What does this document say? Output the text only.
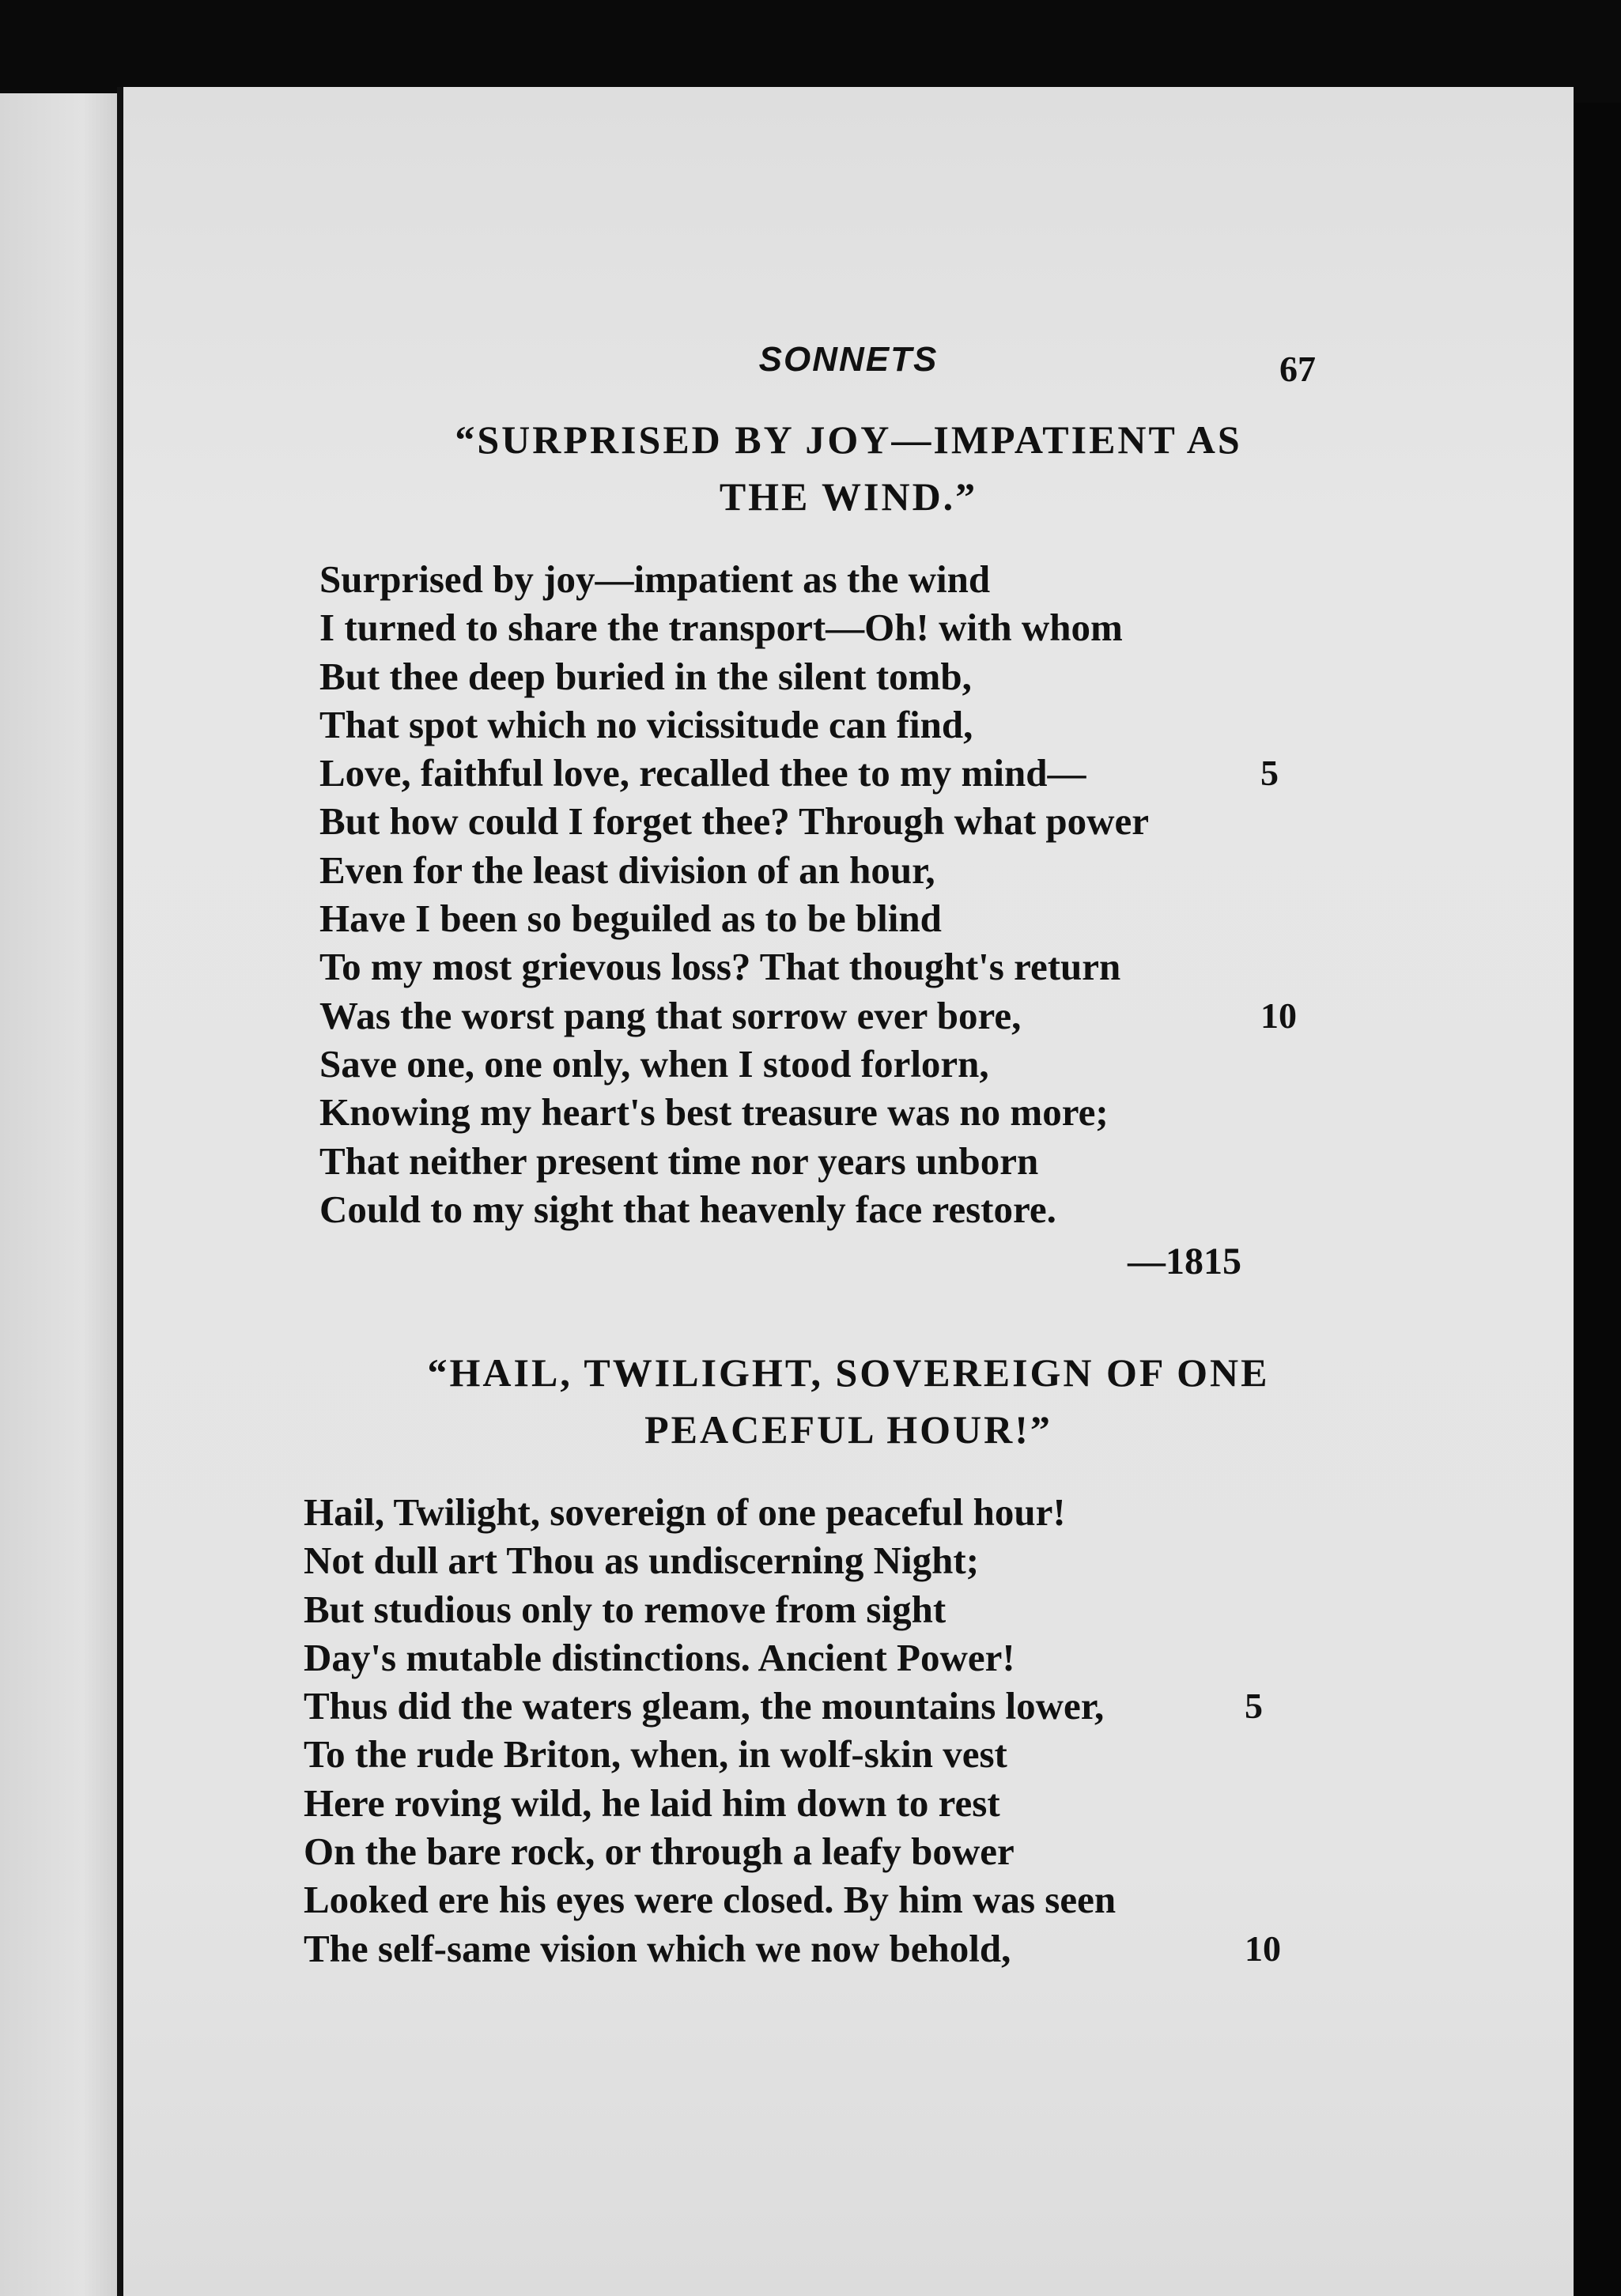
SONNETS	67
“SURPRISED BY JOY—IMPATIENT AS
THE WIND.”
Surprised by joy—impatient as the wind
I turned to share the transport—Oh! with whom
But thee deep buried in the silent tomb,
That spot which no vicissitude can find,
Love, faithful love, recalled thee to my mind—	5
But how could I forget thee? Through what power
Even for the least division of an hour,
Have I been so beguiled as to be blind
To my most grievous loss? That thought's return
Was the worst pang that sorrow ever bore,	10
Save one, one only, when I stood forlorn,
Knowing my heart's best treasure was no more;
That neither present time nor years unborn
Could to my sight that heavenly face restore.
—1815
“HAIL, TWILIGHT, SOVEREIGN OF ONE
PEACEFUL HOUR!”
Hail, Twilight, sovereign of one peaceful hour!
Not dull art Thou as undiscerning Night;
But studious only to remove from sight
Day's mutable distinctions. Ancient Power!
Thus did the waters gleam, the mountains lower,	5
To the rude Briton, when, in wolf-skin vest
Here roving wild, he laid him down to rest
On the bare rock, or through a leafy bower
Looked ere his eyes were closed. By him was seen
The self-same vision which we now behold,	10
